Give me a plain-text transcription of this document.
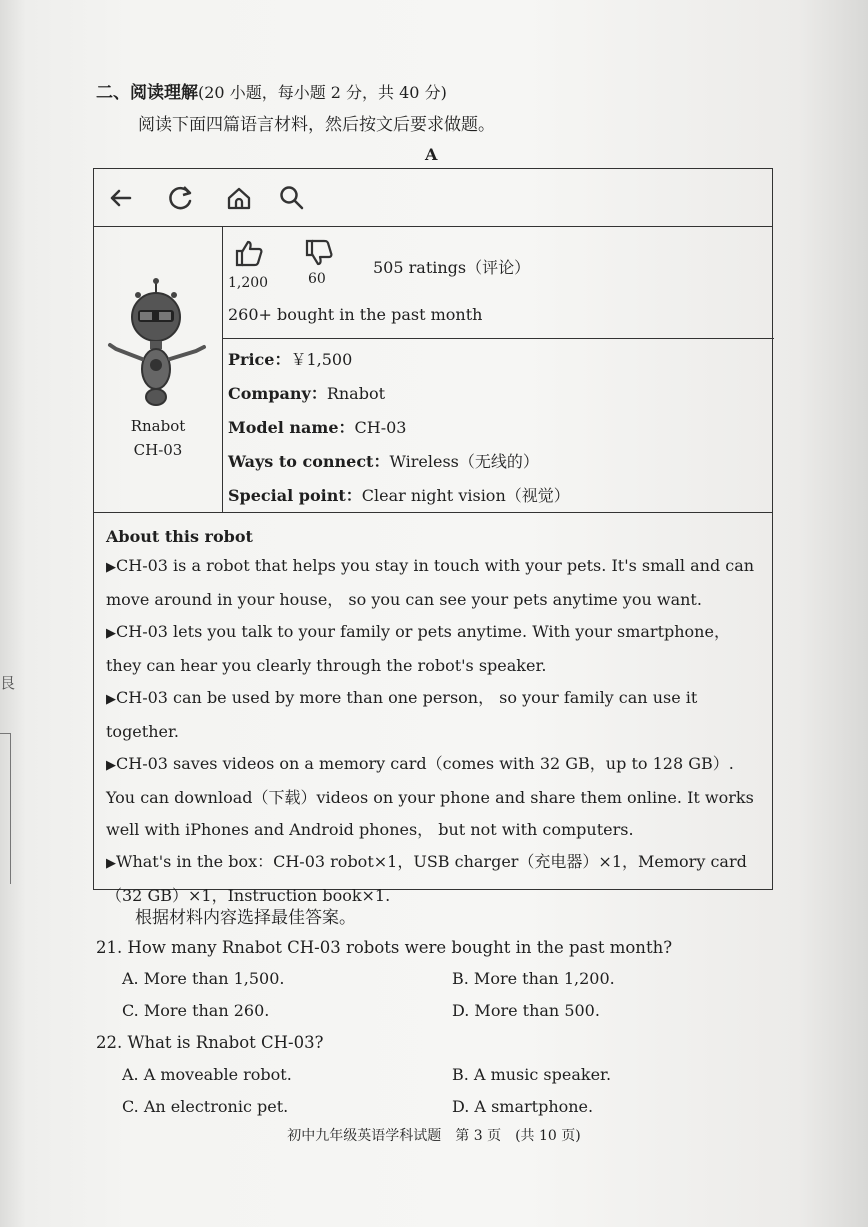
艮
二、阅读理解(20 小题，每小题 2 分，共 40 分)
阅读下面四篇语言材料，然后按文后要求做题。
A
Rnabot
CH-03
1,200	60
505 ratings（评论）
260+ bought in the past month
Price：￥1,500
Company：Rnabot
Model name：CH-03
Ways to connect：Wireless（无线的）
Special point：Clear night vision（视觉）
About this robot

▶CH-03 is a robot that helps you stay in touch with your pets. It's small and can move around in your house， so you can see your pets anytime you want.

▶CH-03 lets you talk to your family or pets anytime. With your smartphone， they can hear you clearly through the robot's speaker.

▶CH-03 can be used by more than one person， so your family can use it together.

▶CH-03 saves videos on a memory card（comes with 32 GB，up to 128 GB）. You can download（下载）videos on your phone and share them online. It works well with iPhones and Android phones， but not with computers.

▶What's in the box：CH-03 robot×1，USB charger（充电器）×1，Memory card（32 GB）×1，Instruction book×1.

根据材料内容选择最佳答案。
21. How many Rnabot CH-03 robots were bought in the past month?
A. More than 1,500.	B. More than 1,200.
C. More than 260.	D. More than 500.
22. What is Rnabot CH-03?
A. A moveable robot.	B. A music speaker.
C. An electronic pet.	D. A smartphone.
初中九年级英语学科试题　第 3 页　(共 10 页)
